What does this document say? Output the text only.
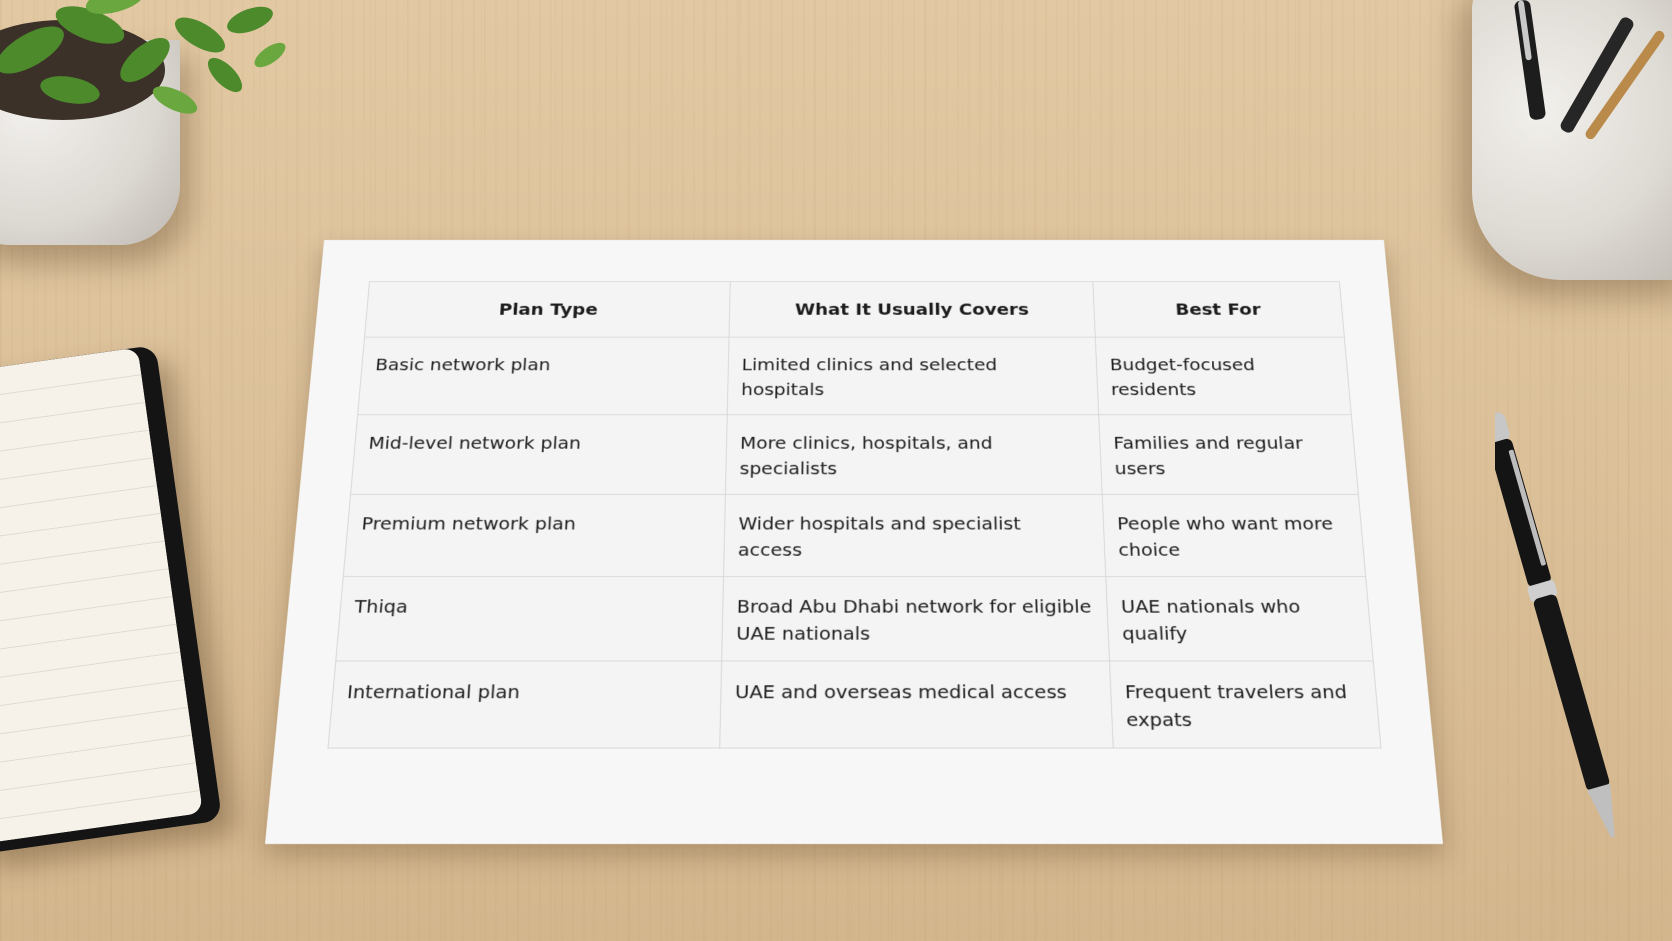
Plan Type	What It Usually Covers	Best For
Basic network plan	Limited clinics and selected hospitals	Budget-focused residents
Mid-level network plan	More clinics, hospitals, and specialists	Families and regular users
Premium network plan	Wider hospitals and specialist access	People who want more choice
Thiqa	Broad Abu Dhabi network for eligible UAE nationals	UAE nationals who qualify
International plan	UAE and overseas medical access	Frequent travelers and expats
